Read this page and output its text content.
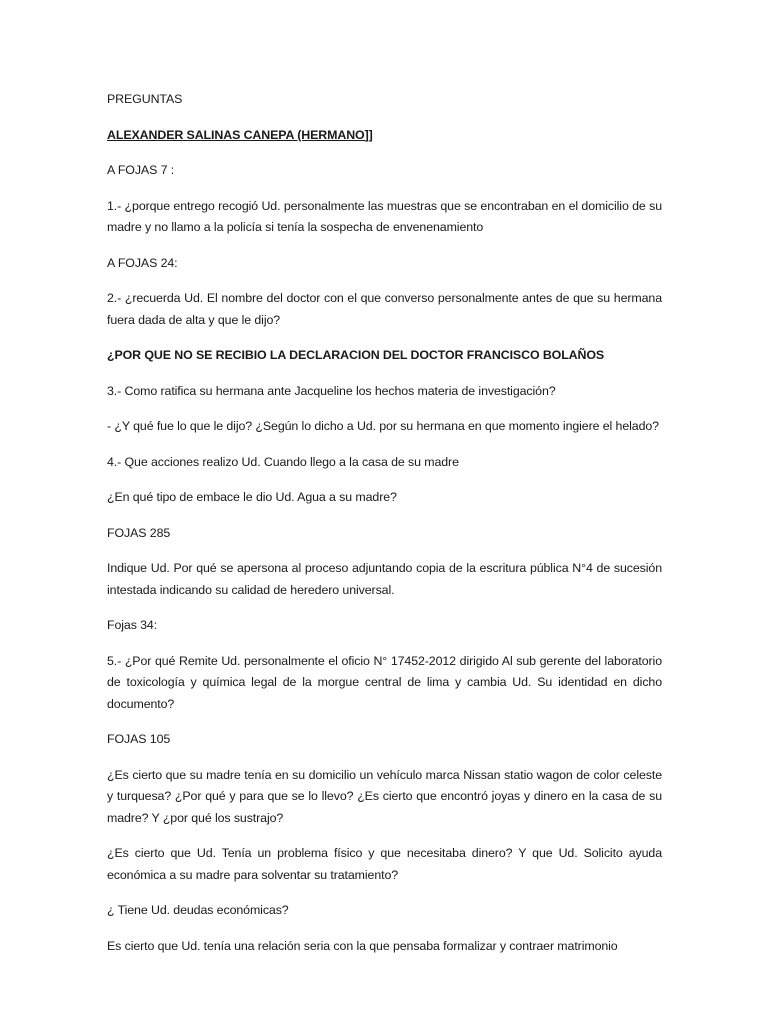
PREGUNTAS

ALEXANDER SALINAS CANEPA (HERMANO]]

A FOJAS 7 :

1.- ¿porque entrego recogió Ud. personalmente las muestras que se encontraban en el domicilio de su madre y no llamo a la policía si tenía la sospecha de envenenamiento

A FOJAS 24:

2.- ¿recuerda Ud. El nombre del doctor con el que converso personalmente antes de que su hermana fuera dada de alta y que le dijo?

¿POR QUE NO SE RECIBIO LA DECLARACION DEL DOCTOR FRANCISCO BOLAÑOS

3.- Como ratifica su hermana ante Jacqueline los hechos materia de investigación?

- ¿Y qué fue lo que le dijo? ¿Según lo dicho a Ud. por su hermana en que momento ingiere el helado?

4.- Que acciones realizo Ud. Cuando llego a la casa de su madre

¿En qué tipo de embace le dio Ud. Agua a su madre?

FOJAS 285

Indique Ud. Por qué se apersona al proceso adjuntando copia de la escritura pública N°4 de sucesión intestada indicando su calidad de heredero universal.

Fojas 34:

5.- ¿Por qué Remite Ud. personalmente el oficio N° 17452-2012 dirigido Al sub gerente del laboratorio de toxicología y química legal de la morgue central de lima y cambia Ud. Su identidad en dicho documento?

FOJAS 105

¿Es cierto que su madre tenía en su domicilio un vehículo marca Nissan statio wagon de color celeste y turquesa? ¿Por qué y para que se lo llevo? ¿Es cierto que encontró joyas y dinero en la casa de su madre? Y ¿por qué los sustrajo?

¿Es cierto que Ud. Tenía un problema físico y que necesitaba dinero? Y que Ud. Solicito ayuda económica a su madre para solventar su tratamiento?

¿ Tiene Ud. deudas económicas?

Es cierto que Ud. tenía una relación seria con la que pensaba formalizar y contraer matrimonio
